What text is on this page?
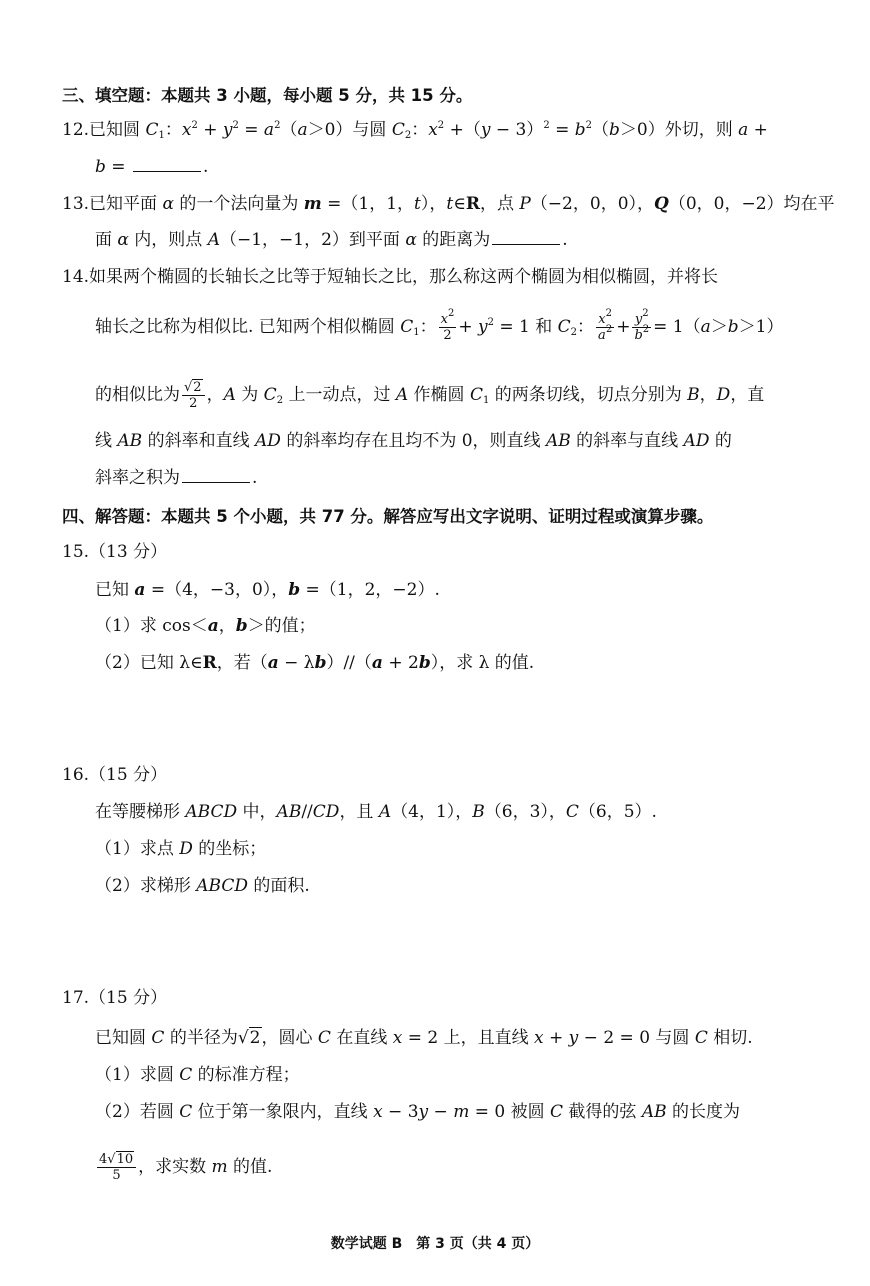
三、填空题：本题共 3 小题，每小题 5 分，共 15 分。
12.已知圆 $C_1$：$x^2 + y^2 = a^2(a>0)$与圆 $C_2$：$x^2 +(y - 3)^2 = b^2(b>0)$外切，则 a +
b =	.
13.已知平面 α 的一个法向量为 m =（1，1，t），t∈R，点 P（−2，0，0），Q（0，0，−2）均在平
面 α 内，则点 A（−1，−1，2）到平面 α 的距离为	.
14.如果两个椭圆的长轴长之比等于短轴长之比，那么称这两个椭圆为相似椭圆，并将长
轴长之比称为相似比. 已知两个相似椭圆 $C_1$： $\frac{x^2}{2} + y^2 = 1$ 和 $C_2$： $\frac{x^2}{a^2} + \frac{y^2}{b^2} = 1(a>b>1)$
的相似比为 $\frac{√2}{2}$ ，A 为 $C_2$ 上一动点，过 A 作椭圆 $C_1$ 的两条切线，切点分别为 B，D，直
线 AB 的斜率和直线 AD 的斜率均存在且均不为 0，则直线 AB 的斜率与直线 AD 的
斜率之积为	.
四、解答题：本题共 5 个小题，共 77 分。解答应写出文字说明、证明过程或演算步骤。
15.（13 分）
已知 a =（4，−3，0），b =（1，2，−2）.
（1）求 cos＜a，b＞的值；
（2）已知 λ∈R，若（a − λb）//（a + 2b），求 λ 的值.
16.（15 分）
在等腰梯形 ABCD 中，AB//CD，且 A（4，1），B（6，3），C（6，5）.
（1）求点 D 的坐标；
（2）求梯形 ABCD 的面积.
17.（15 分）
已知圆 C 的半径为√2，圆心 C 在直线 x = 2 上，且直线 x + y − 2 = 0 与圆 C 相切.
（1）求圆 C 的标准方程；
（2）若圆 C 位于第一象限内，直线 x − 3y − m = 0 被圆 C 截得的弦 AB 的长度为
$\frac{4√10}{5}$ ，求实数 m 的值.
数学试题 B　第 3 页（共 4 页）
